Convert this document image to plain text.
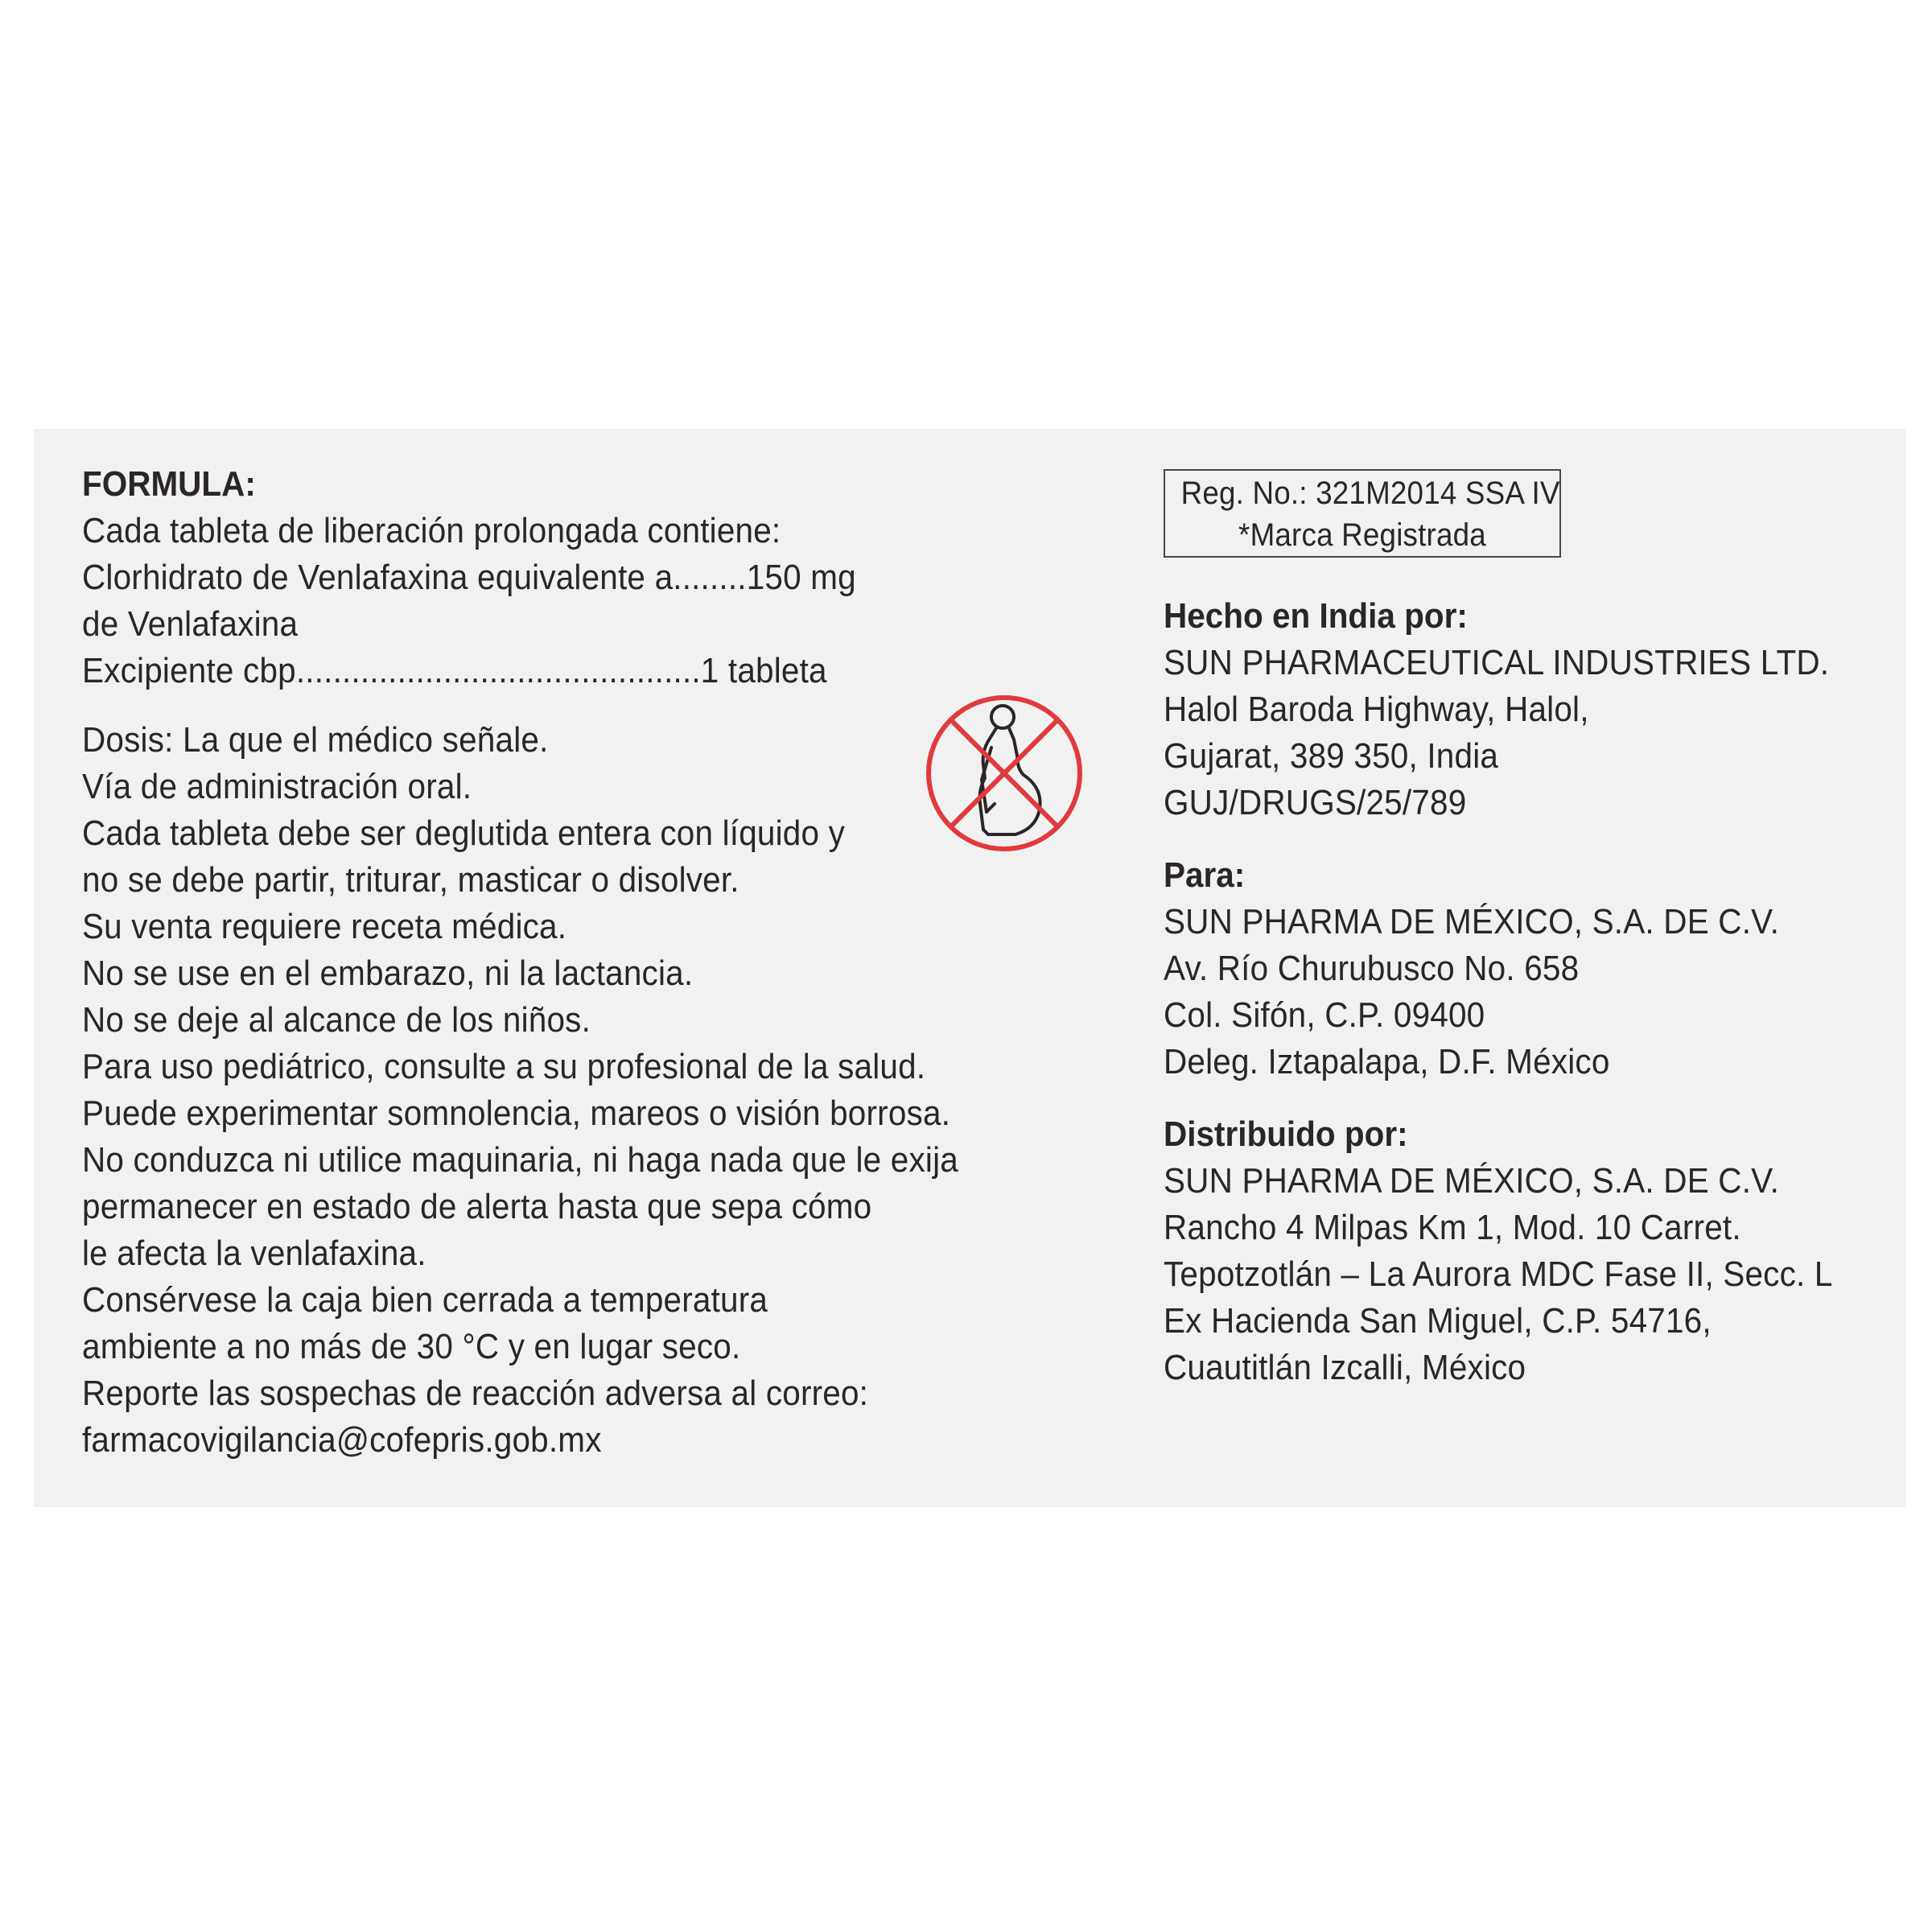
FORMULA:
Cada tableta de liberación prolongada contiene:
Clorhidrato de Venlafaxina equivalente a........150 mg
de Venlafaxina
Excipiente cbp............................................1 tableta
Dosis: La que el médico señale.
Vía de administración oral.
Cada tableta debe ser deglutida entera con líquido y
no se debe partir, triturar, masticar o disolver.
Su venta requiere receta médica.
No se use en el embarazo, ni la lactancia.
No se deje al alcance de los niños.
Para uso pediátrico, consulte a su profesional de la salud.
Puede experimentar somnolencia, mareos o visión borrosa.
No conduzca ni utilice maquinaria, ni haga nada que le exija
permanecer en estado de alerta hasta que sepa cómo
le afecta la venlafaxina.
Consérvese la caja bien cerrada a temperatura
ambiente a no más de 30 °C y en lugar seco.
Reporte las sospechas de reacción adversa al correo:
farmacovigilancia@cofepris.gob.mx
Reg. No.: 321M2014 SSA IV
*Marca Registrada
Hecho en India por:
SUN PHARMACEUTICAL INDUSTRIES LTD.
Halol Baroda Highway, Halol,
Gujarat, 389 350, India
GUJ/DRUGS/25/789
Para:
SUN PHARMA DE MÉXICO, S.A. DE C.V.
Av. Río Churubusco No. 658
Col. Sifón, C.P. 09400
Deleg. Iztapalapa, D.F. México
Distribuido por:
SUN PHARMA DE MÉXICO, S.A. DE C.V.
Rancho 4 Milpas Km 1, Mod. 10 Carret.
Tepotzotlán – La Aurora MDC Fase II, Secc. L
Ex Hacienda San Miguel, C.P. 54716,
Cuautitlán Izcalli, México
